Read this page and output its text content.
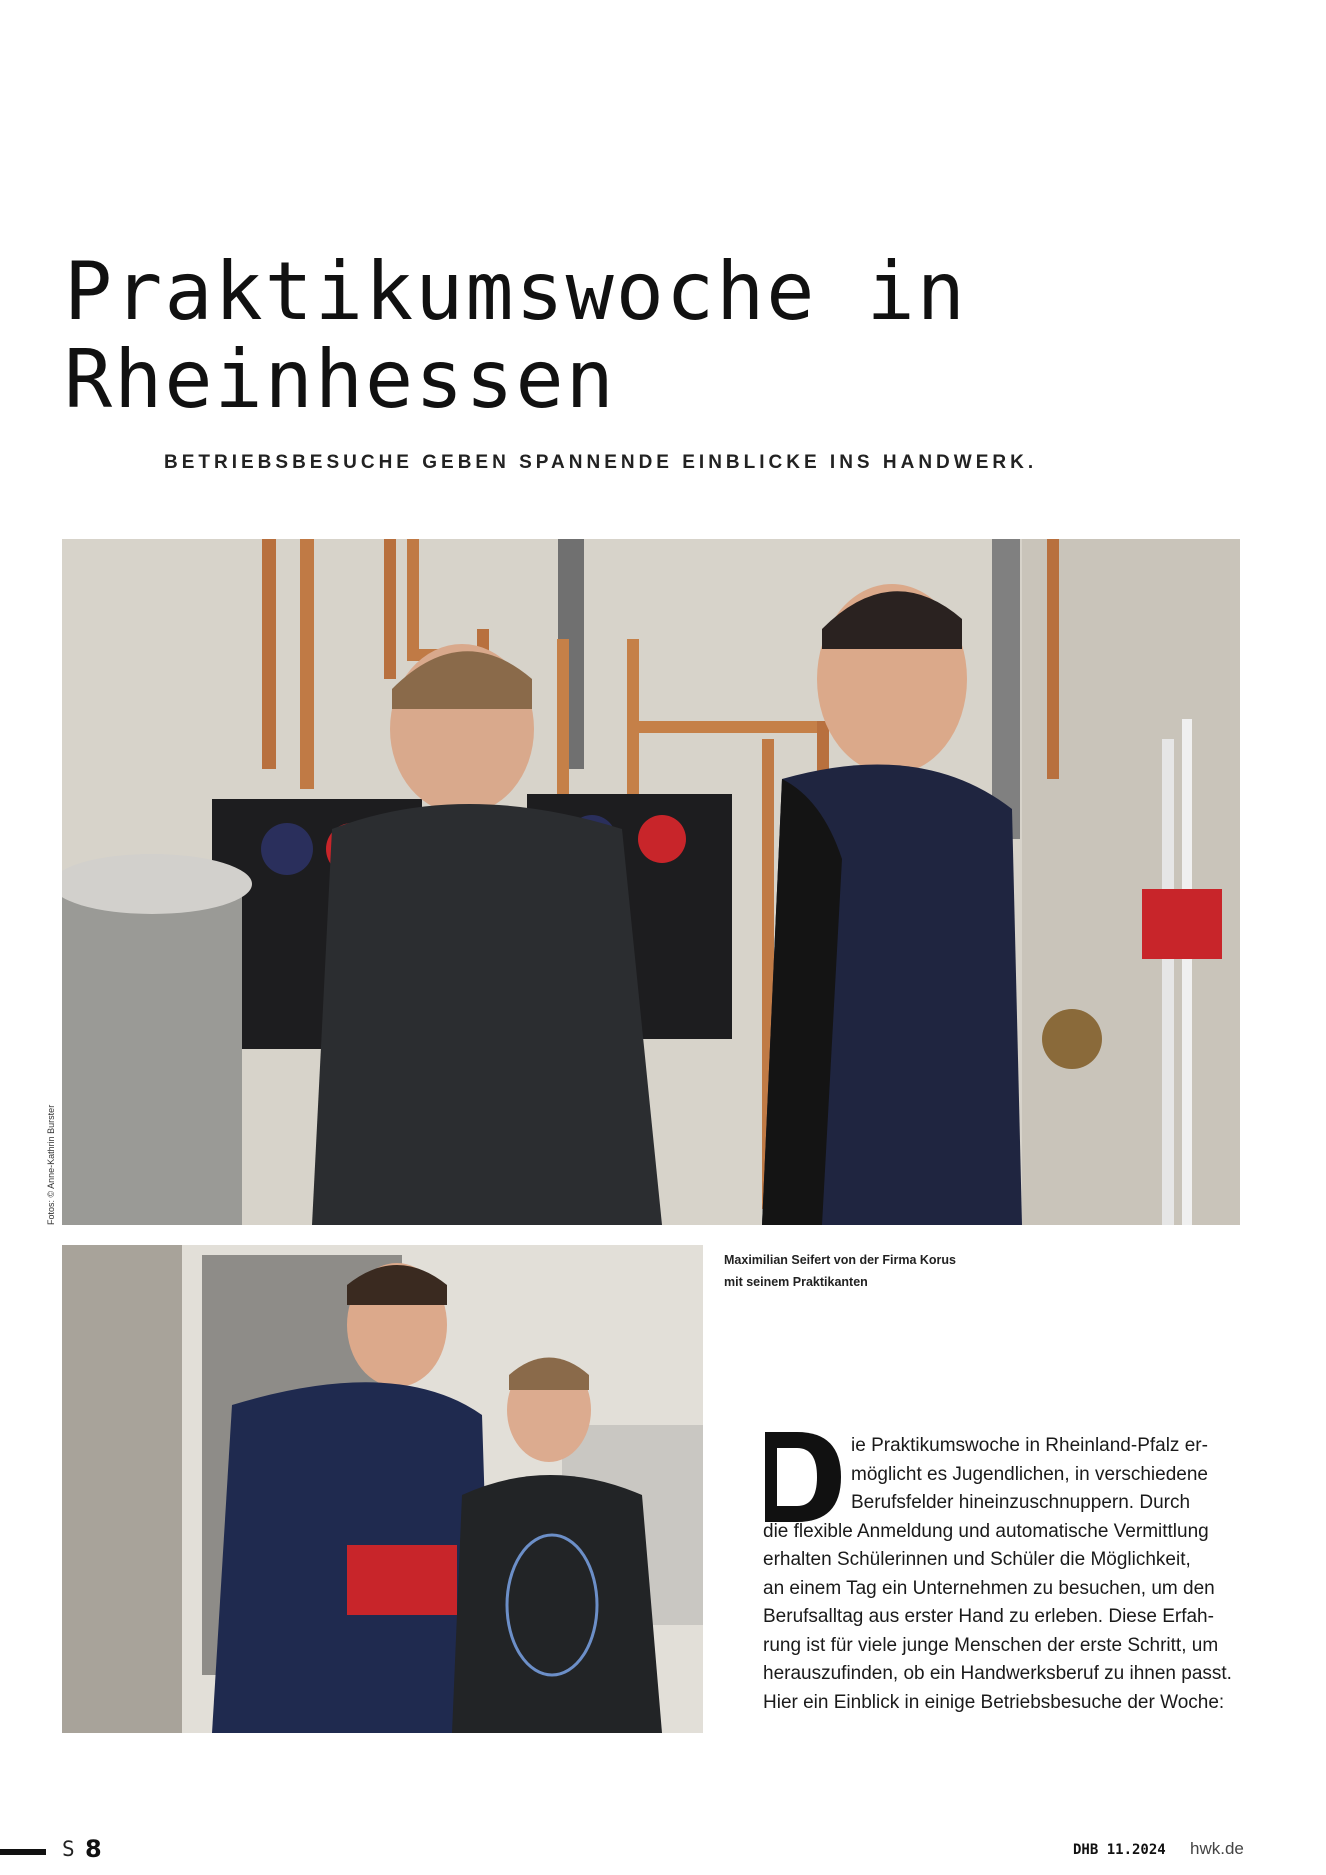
Praktikumswoche in
Rheinhessen
BETRIEBSBESUCHE GEBEN SPANNENDE EINBLICKE INS HANDWERK.
Fotos: © Anne-Kathrin Burster
Maximilian Seifert von der Firma Korus
mit seinem Praktikanten
ie Praktikumswoche in Rheinland-Pfalz er-
möglicht es Jugendlichen, in verschiedene
Berufsfelder hineinzuschnuppern. Durch
die flexible Anmeldung und automatische Vermittlung
erhalten Schülerinnen und Schüler die Möglichkeit,
an einem Tag ein Unternehmen zu besuchen, um den
Berufsalltag aus erster Hand zu erleben. Diese Erfah-
rung ist für viele junge Menschen der erste Schritt, um
herauszufinden, ob ein Handwerksberuf zu ihnen passt.
Hier ein Einblick in einige Betriebsbesuche der Woche:
S 8	DHB 11.2024 hwk.de
